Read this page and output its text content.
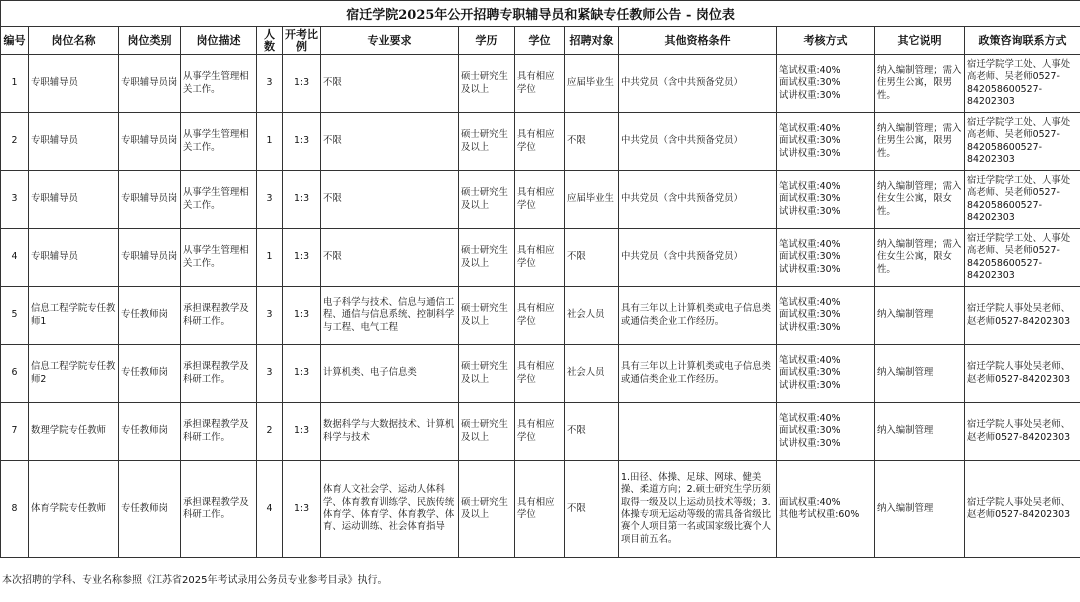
宿迁学院2025年公开招聘专职辅导员和紧缺专任教师公告 - 岗位表													
编号	岗位名称	岗位类别	岗位描述	人数	开考比例	专业要求	学历	学位	招聘对象	其他资格条件	考核方式	其它说明	政策咨询联系方式
1	专职辅导员	专职辅导员岗	从事学生管理相关工作。	3	1:3	不限	硕士研究生及以上	具有相应学位	应届毕业生	中共党员（含中共预备党员）	笔试权重:40%
面试权重:30%
试讲权重:30%	纳入编制管理；需入住男生公寓，限男性。	宿迁学院学工处、人事处高老师、吴老师0527-842058600527-84202303
2	专职辅导员	专职辅导员岗	从事学生管理相关工作。	1	1:3	不限	硕士研究生及以上	具有相应学位	不限	中共党员（含中共预备党员）	笔试权重:40%
面试权重:30%
试讲权重:30%	纳入编制管理；需入住男生公寓，限男性。	宿迁学院学工处、人事处高老师、吴老师0527-842058600527-84202303
3	专职辅导员	专职辅导员岗	从事学生管理相关工作。	3	1:3	不限	硕士研究生及以上	具有相应学位	应届毕业生	中共党员（含中共预备党员）	笔试权重:40%
面试权重:30%
试讲权重:30%	纳入编制管理；需入住女生公寓，限女性。	宿迁学院学工处、人事处高老师、吴老师0527-842058600527-84202303
4	专职辅导员	专职辅导员岗	从事学生管理相关工作。	1	1:3	不限	硕士研究生及以上	具有相应学位	不限	中共党员（含中共预备党员）	笔试权重:40%
面试权重:30%
试讲权重:30%	纳入编制管理；需入住女生公寓，限女性。	宿迁学院学工处、人事处高老师、吴老师0527-842058600527-84202303
5	信息工程学院专任教师1	专任教师岗	承担课程教学及科研工作。	3	1:3	电子科学与技术、信息与通信工程、通信与信息系统、控制科学与工程、电气工程	硕士研究生及以上	具有相应学位	社会人员	具有三年以上计算机类或电子信息类或通信类企业工作经历。	笔试权重:40%
面试权重:30%
试讲权重:30%	纳入编制管理	宿迁学院人事处吴老师、赵老师0527-84202303
6	信息工程学院专任教师2	专任教师岗	承担课程教学及科研工作。	3	1:3	计算机类、电子信息类	硕士研究生及以上	具有相应学位	社会人员	具有三年以上计算机类或电子信息类或通信类企业工作经历。	笔试权重:40%
面试权重:30%
试讲权重:30%	纳入编制管理	宿迁学院人事处吴老师、赵老师0527-84202303
7	数理学院专任教师	专任教师岗	承担课程教学及科研工作。	2	1:3	数据科学与大数据技术、计算机科学与技术	硕士研究生及以上	具有相应学位	不限		笔试权重:40%
面试权重:30%
试讲权重:30%	纳入编制管理	宿迁学院人事处吴老师、赵老师0527-84202303
8	体育学院专任教师	专任教师岗	承担课程教学及科研工作。	4	1:3	体育人文社会学、运动人体科学、体育教育训练学、民族传统体育学、体育学、体育教学、体育、运动训练、社会体育指导	硕士研究生及以上	具有相应学位	不限	1.田径、体操、足球、网球、健美操、柔道方向；2.硕士研究生学历须取得一级及以上运动员技术等级；3.体操专项无运动等级的需具备省级比赛个人项目第一名或国家级比赛个人项目前五名。	面试权重:40%
其他考试权重:60%	纳入编制管理	宿迁学院人事处吴老师、赵老师0527-84202303
本次招聘的学科、专业名称参照《江苏省2025年考试录用公务员专业参考目录》执行。
